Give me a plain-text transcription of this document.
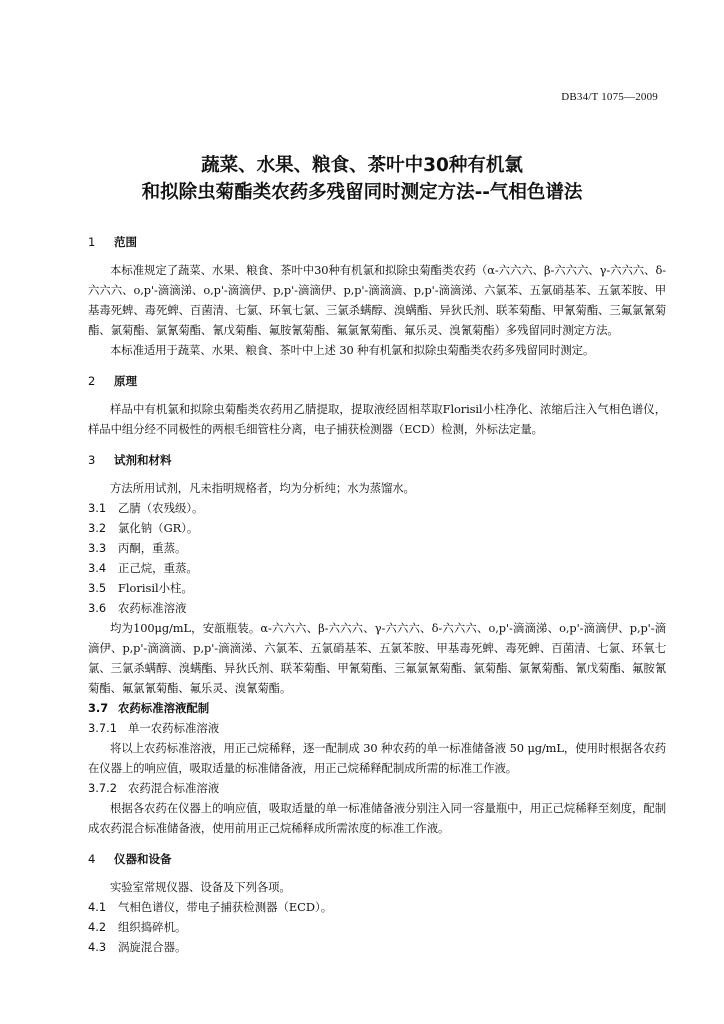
DB34/T 1075—2009
蔬菜、水果、粮食、茶叶中30种有机氯
和拟除虫菊酯类农药多残留同时测定方法--气相色谱法
1 范围

本标准规定了蔬菜、水果、粮食、茶叶中30种有机氯和拟除虫菊酯类农药（α-六六六、β-六六六、γ-六六六、δ-六六六、o,p'-滴滴涕、o,p'-滴滴伊、p,p'-滴滴伊、p,p'-滴滴滴、p,p'-滴滴涕、六氯苯、五氯硝基苯、五氯苯胺、甲基毒死蜱、毒死蜱、百菌清、七氯、环氧七氯、三氯杀螨醇、溴螨酯、异狄氏剂、联苯菊酯、甲氰菊酯、三氟氯氰菊酯、氯菊酯、氯氰菊酯、氰戊菊酯、氟胺氰菊酯、氟氯氰菊酯、氟乐灵、溴氰菊酯）多残留同时测定方法。

本标准适用于蔬菜、水果、粮食、茶叶中上述 30 种有机氯和拟除虫菊酯类农药多残留同时测定。

2 原理

样品中有机氯和拟除虫菊酯类农药用乙腈提取，提取液经固相萃取Florisil小柱净化、浓缩后注入气相色谱仪，样品中组分经不同极性的两根毛细管柱分离，电子捕获检测器（ECD）检测，外标法定量。

3 试剂和材料

方法所用试剂，凡未指明规格者，均为分析纯；水为蒸馏水。

3.1 乙腈（农残级）。
3.2 氯化钠（GR）。
3.3 丙酮，重蒸。
3.4 正己烷，重蒸。
3.5 Florisil小柱。
3.6 农药标准溶液

均为100μg/mL，安瓿瓶装。α-六六六、β-六六六、γ-六六六、δ-六六六、o,p'-滴滴涕、o,p'-滴滴伊、p,p'-滴滴伊、p,p'-滴滴滴、p,p'-滴滴涕、六氯苯、五氯硝基苯、五氯苯胺、甲基毒死蜱、毒死蜱、百菌清、七氯、环氧七氯、三氯杀螨醇、溴螨酯、异狄氏剂、联苯菊酯、甲氰菊酯、三氟氯氰菊酯、氯菊酯、氯氰菊酯、氰戊菊酯、氟胺氰菊酯、氟氯氰菊酯、氟乐灵、溴氰菊酯。

3.7 农药标准溶液配制
3.7.1 单一农药标准溶液

将以上农药标准溶液，用正己烷稀释，逐一配制成 30 种农药的单一标准储备液 50 μg/mL，使用时根据各农药在仪器上的响应值，吸取适量的标准储备液，用正己烷稀释配制成所需的标准工作液。

3.7.2 农药混合标准溶液

根据各农药在仪器上的响应值，吸取适量的单一标准储备液分别注入同一容量瓶中，用正己烷稀释至刻度，配制成农药混合标准储备液，使用前用正己烷稀释成所需浓度的标准工作液。

4 仪器和设备

实验室常规仪器、设备及下列各项。

4.1 气相色谱仪，带电子捕获检测器（ECD）。
4.2 组织捣碎机。
4.3 涡旋混合器。
